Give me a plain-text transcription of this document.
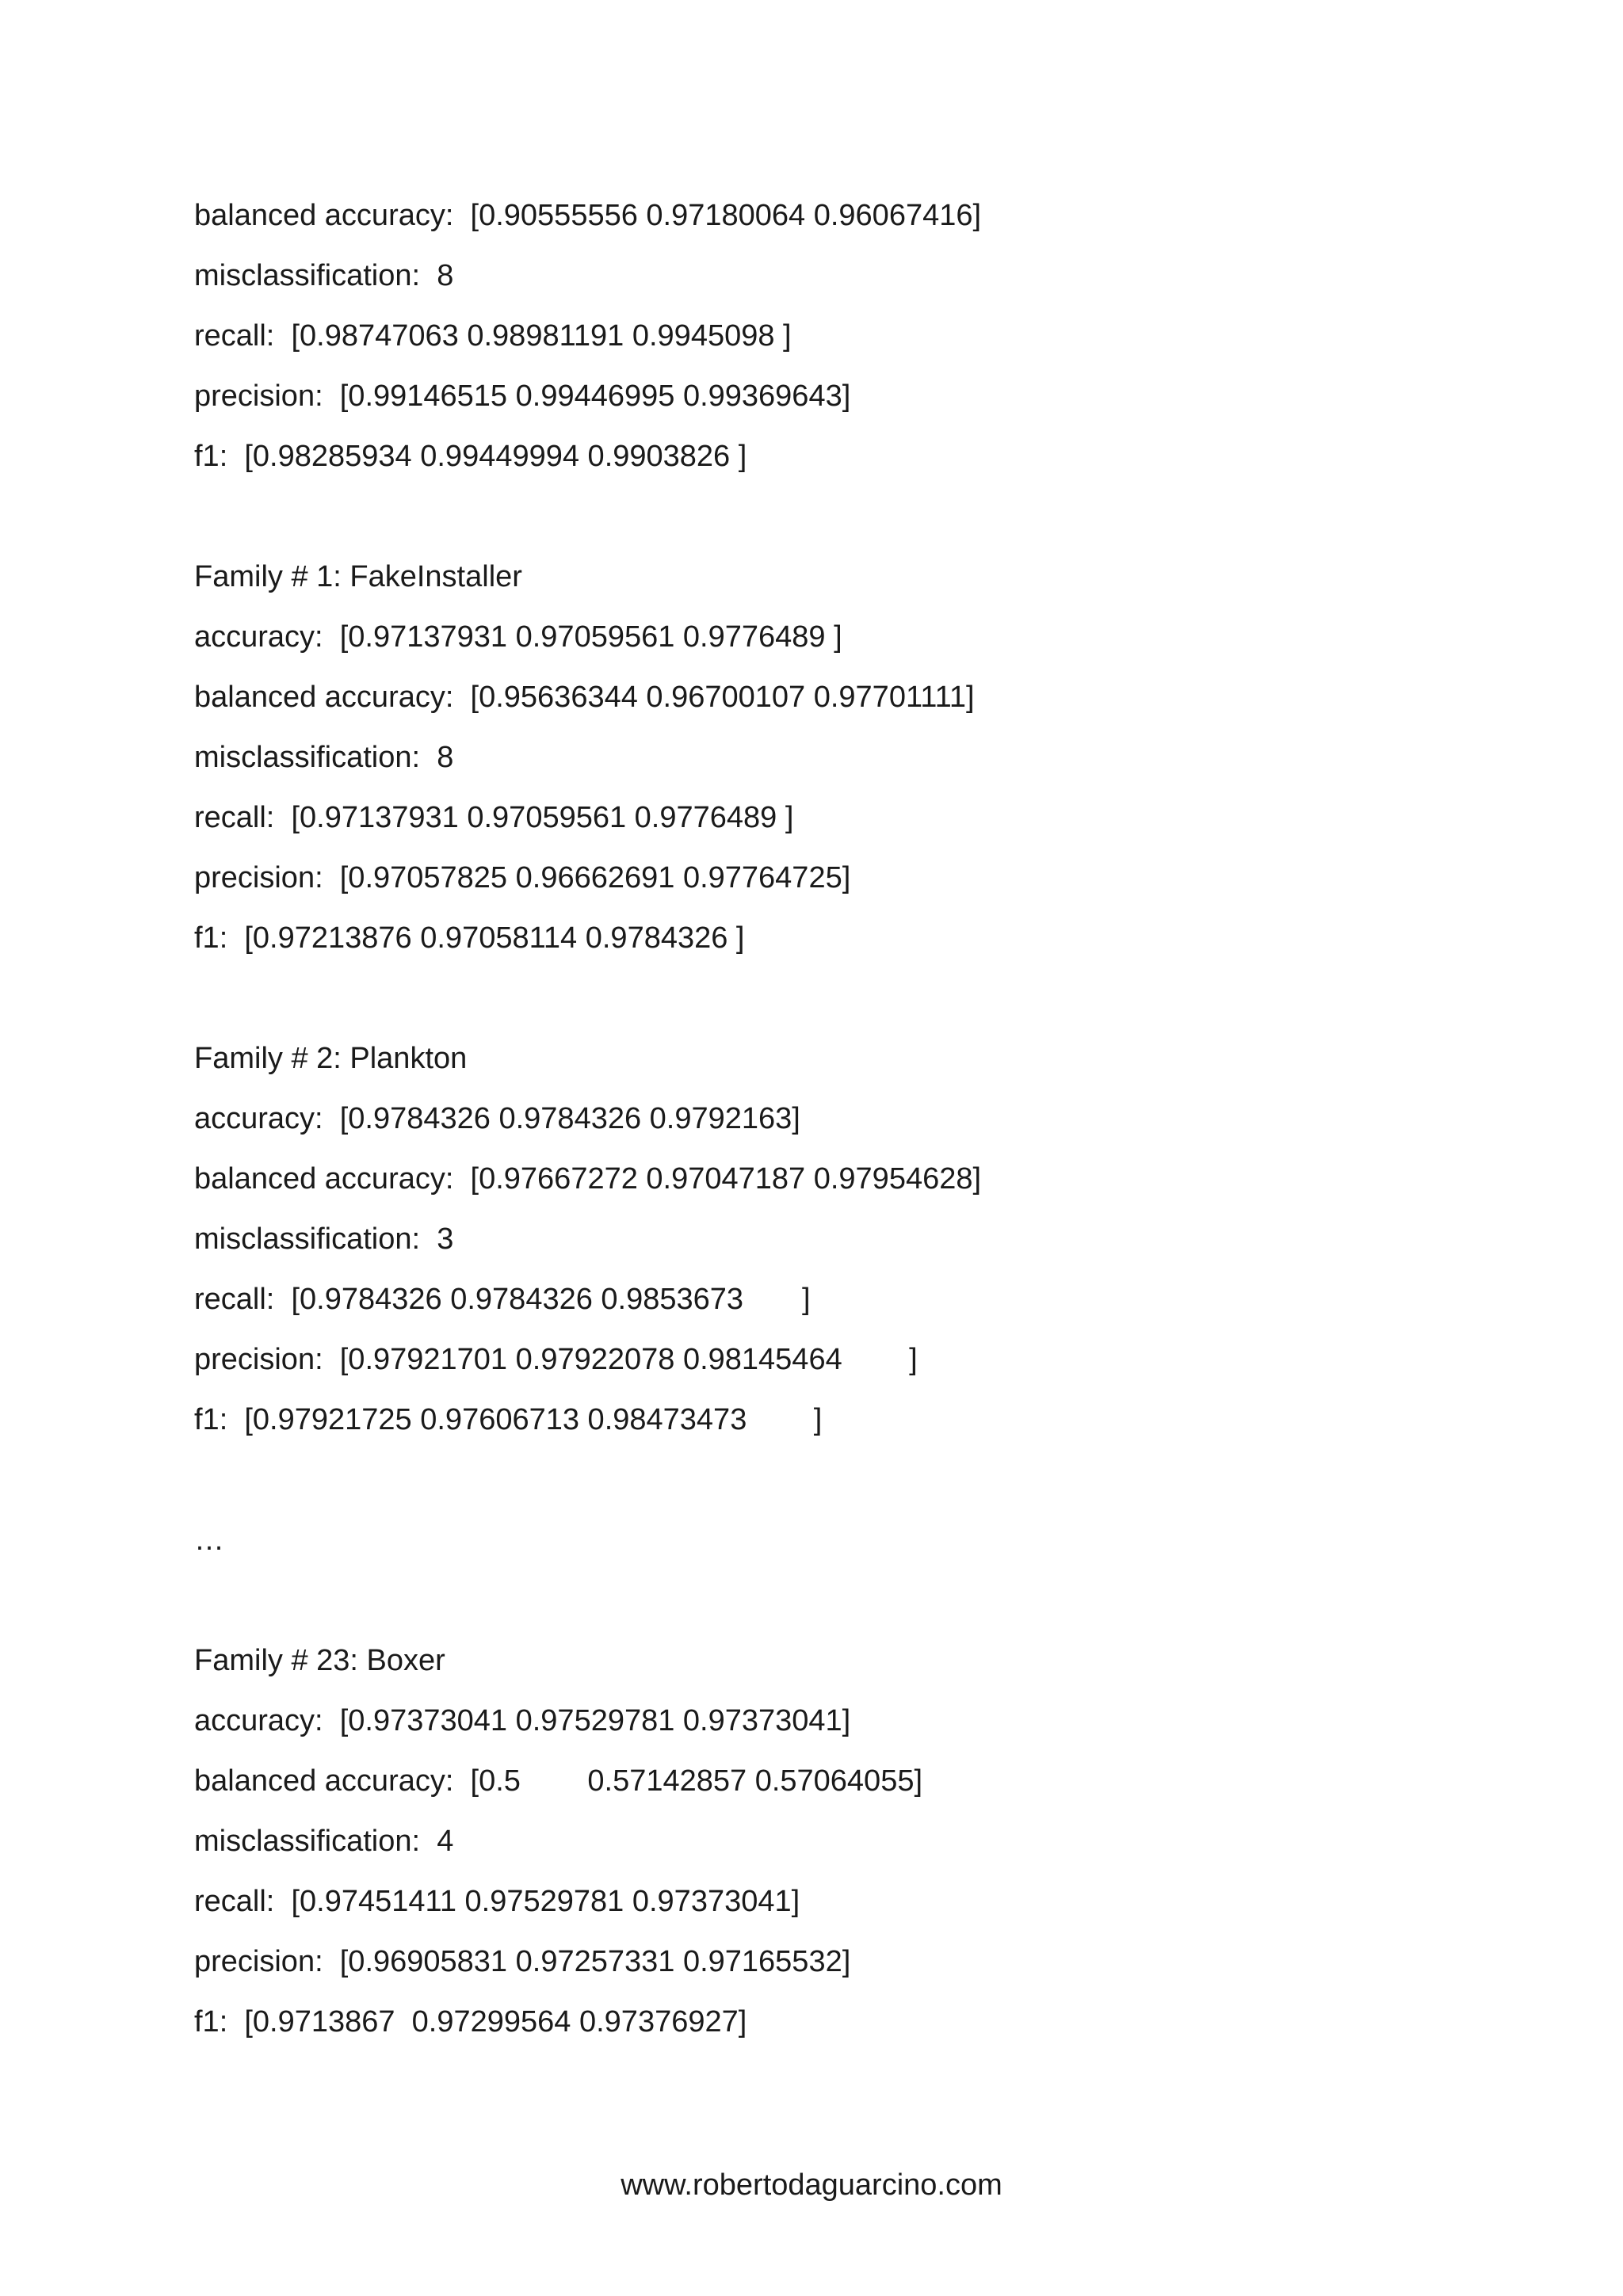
balanced accuracy:  [0.90555556 0.97180064 0.96067416]
misclassification:  8
recall:  [0.98747063 0.98981191 0.9945098 ]
precision:  [0.99146515 0.99446995 0.99369643]
f1:  [0.98285934 0.99449994 0.9903826 ]
Family # 1: FakeInstaller
accuracy:  [0.97137931 0.97059561 0.9776489 ]
balanced accuracy:  [0.95636344 0.96700107 0.97701111]
misclassification:  8
recall:  [0.97137931 0.97059561 0.9776489 ]
precision:  [0.97057825 0.96662691 0.97764725]
f1:  [0.97213876 0.97058114 0.9784326 ]
Family # 2: Plankton
accuracy:  [0.9784326 0.9784326 0.9792163]
balanced accuracy:  [0.97667272 0.97047187 0.97954628]
misclassification:  3
recall:  [0.9784326 0.9784326 0.9853673       ]
precision:  [0.97921701 0.97922078 0.98145464        ]
f1:  [0.97921725 0.97606713 0.98473473        ]
…
Family # 23: Boxer
accuracy:  [0.97373041 0.97529781 0.97373041]
balanced accuracy:  [0.5        0.57142857 0.57064055]
misclassification:  4
recall:  [0.97451411 0.97529781 0.97373041]
precision:  [0.96905831 0.97257331 0.97165532]
f1:  [0.9713867  0.97299564 0.97376927]
www.robertodaguarcino.com
